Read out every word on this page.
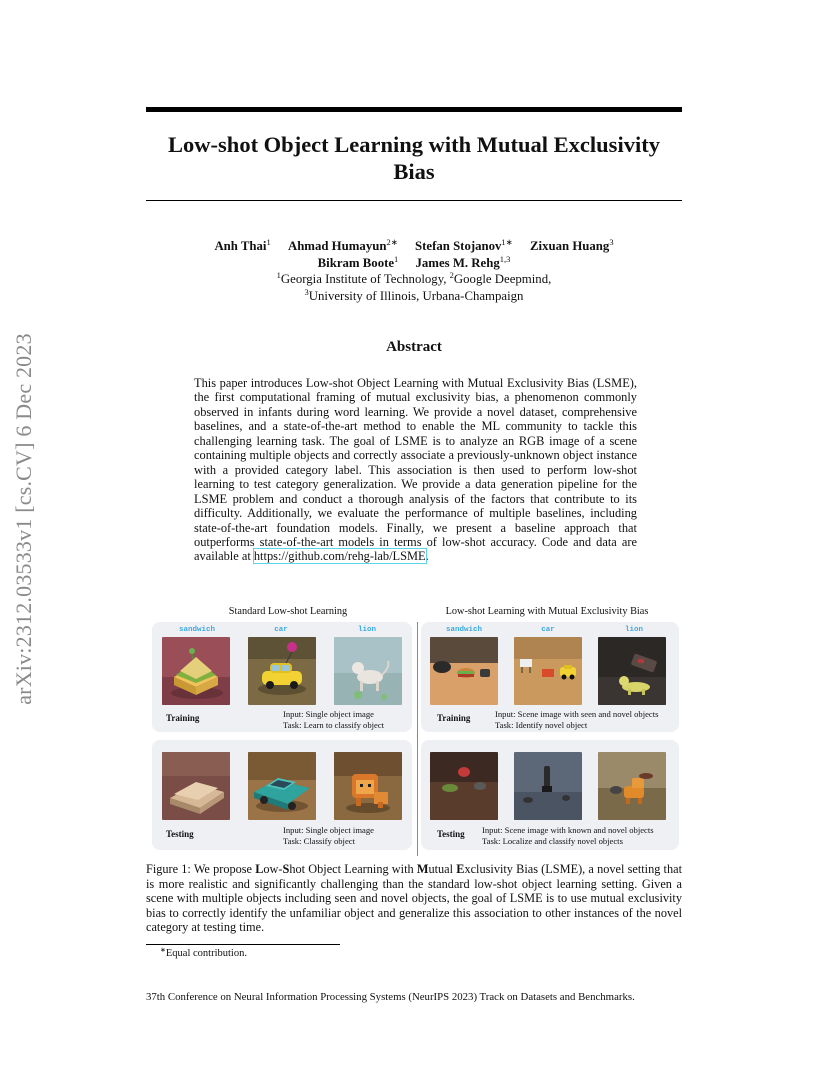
arXiv:2312.03533v1 [cs.CV] 6 Dec 2023
Low-shot Object Learning with Mutual Exclusivity Bias
Anh Thai$^1$ Ahmad Humayun$^{2∗}$ Stefan Stojanov$^{1∗}$ Zixuan Huang$^3$
Bikram Boote$^1$ James M. Rehg$^{1,3}$
$^1$Georgia Institute of Technology, $^2$Google Deepmind,
$^3$University of Illinois, Urbana-Champaign
Abstract
This paper introduces Low-shot Object Learning with Mutual Exclusivity Bias (LSME), the first computational framing of mutual exclusivity bias, a phenomenon commonly observed in infants during word learning. We provide a novel dataset, comprehensive baselines, and a state-of-the-art method to enable the ML community to tackle this challenging learning task. The goal of LSME is to analyze an RGB image of a scene containing multiple objects and correctly associate a previously-unknown object instance with a provided category label. This association is then used to perform low-shot learning to test category generalization. We provide a data generation pipeline for the LSME problem and conduct a thorough analysis of the factors that contribute to its difficulty. Additionally, we evaluate the performance of multiple baselines, including state-of-the-art foundation models. Finally, we present a baseline approach that outperforms state-of-the-art models in terms of low-shot accuracy. Code and data are available at https://github.com/rehg-lab/LSME.
Standard Low-shot Learning	Low-shot Learning with Mutual Exclusivity Bias
sandwich	car	lion
Training	Input: Single object image
Task: Learn to classify object
Testing	Input: Single object image
Task: Classify object
sandwich	car	lion
Training	Input: Scene image with seen and novel objects
Task: Identify novel object
Testing Input: Scene image with known and novel objects
Task: Localize and classify novel objects
Figure 1: We propose Low-Shot Object Learning with Mutual Exclusivity Bias (LSME), a novel setting that is more realistic and significantly challenging than the standard low-shot object learning setting. Given a scene with multiple objects including seen and novel objects, the goal of LSME is to use mutual exclusivity bias to correctly identify the unfamiliar object and generalize this association to other instances of the novel category at testing time.
∗Equal contribution.
37th Conference on Neural Information Processing Systems (NeurIPS 2023) Track on Datasets and Benchmarks.
